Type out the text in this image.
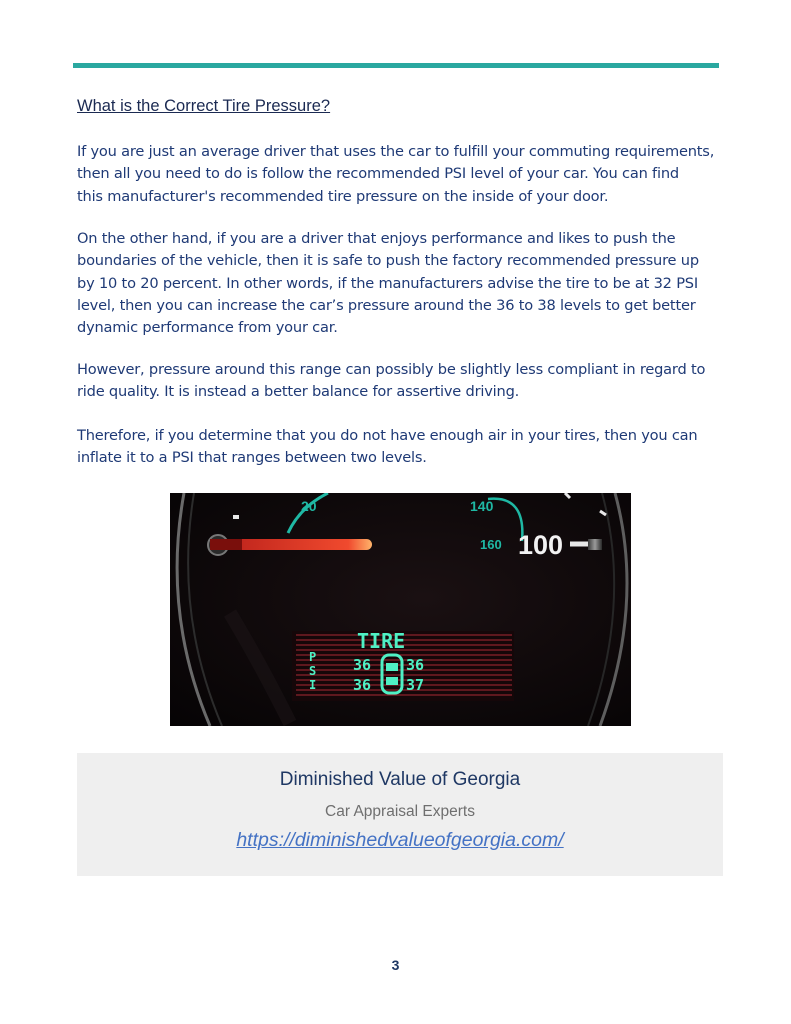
What is the Correct Tire Pressure?

If you are just an average driver that uses the car to fulfill your commuting requirements,
then all you need to do is follow the recommended PSI level of your car. You can find
this manufacturer's recommended tire pressure on the inside of your door.

On the other hand, if you are a driver that enjoys performance and likes to push the
boundaries of the vehicle, then it is safe to push the factory recommended pressure up
by 10 to 20 percent. In other words, if the manufacturers advise the tire to be at 32 PSI
level, then you can increase the car’s pressure around the 36 to 38 levels to get better
dynamic performance from your car.

However, pressure around this range can possibly be slightly less compliant in regard to
ride quality. It is instead a better balance for assertive driving.

Therefore, if you determine that you do not have enough air in your tires, then you can
inflate it to a PSI that ranges between two levels.

20	140
160 100
TIRE
P
S
I
36 36
36 37
Diminished Value of Georgia
Car Appraisal Experts
https://diminishedvalueofgeorgia.com/
3
